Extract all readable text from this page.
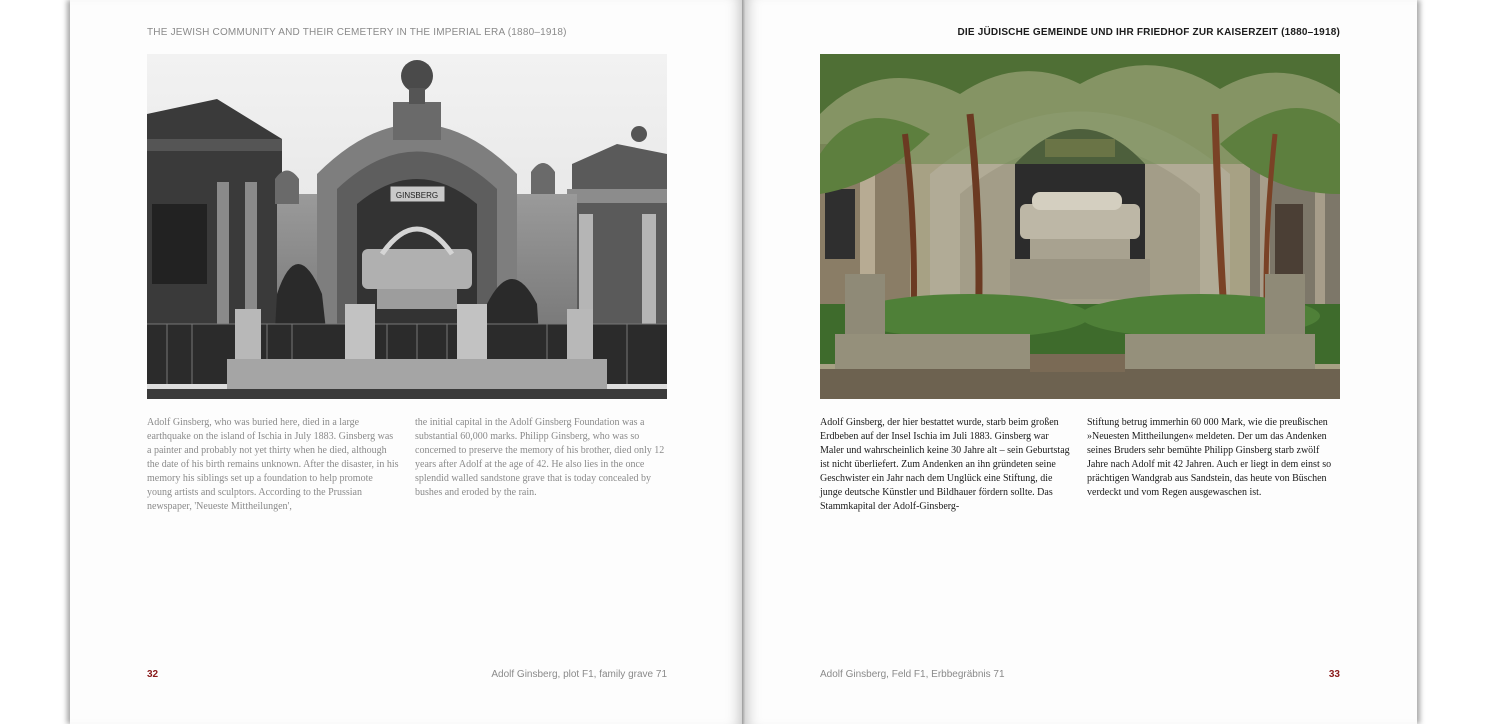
THE JEWISH COMMUNITY AND THEIR CEMETERY IN THE IMPERIAL ERA (1880–1918)
GINSBERG
Adolf Ginsberg, who was buried here, died in a large earthquake on the island of Ischia in July 1883. Ginsberg was a painter and probably not yet thirty when he died, although the date of his birth remains unknown. After the disaster, in his memory his siblings set up a foundation to help promote young artists and sculptors. According to the Prussian newspaper, 'Neueste Mittheilungen',
the initial capital in the Adolf Ginsberg Foundation was a substantial 60,000 marks. Philipp Ginsberg, who was so concerned to preserve the memory of his brother, died only 12 years after Adolf at the age of 42. He also lies in the once splendid walled sandstone grave that is today concealed by bushes and eroded by the rain.
32	Adolf Ginsberg, plot F1, family grave 71
DIE JÜDISCHE GEMEINDE UND IHR FRIEDHOF ZUR KAISERZEIT (1880–1918)
Adolf Ginsberg, der hier bestattet wurde, starb beim großen Erdbeben auf der Insel Ischia im Juli 1883. Ginsberg war Maler und wahrscheinlich keine 30 Jahre alt – sein Geburtstag ist nicht überliefert. Zum Andenken an ihn gründeten seine Geschwister ein Jahr nach dem Unglück eine Stiftung, die junge deutsche Künstler und Bildhauer fördern sollte. Das Stammkapital der Adolf-Ginsberg-
Stiftung betrug immerhin 60 000 Mark, wie die preußischen »Neuesten Mittheilungen« meldeten. Der um das Andenken seines Bruders sehr bemühte Philipp Ginsberg starb zwölf Jahre nach Adolf mit 42 Jahren. Auch er liegt in dem einst so prächtigen Wandgrab aus Sandstein, das heute von Büschen verdeckt und vom Regen ausgewaschen ist.
Adolf Ginsberg, Feld F1, Erbbegräbnis 71	33
